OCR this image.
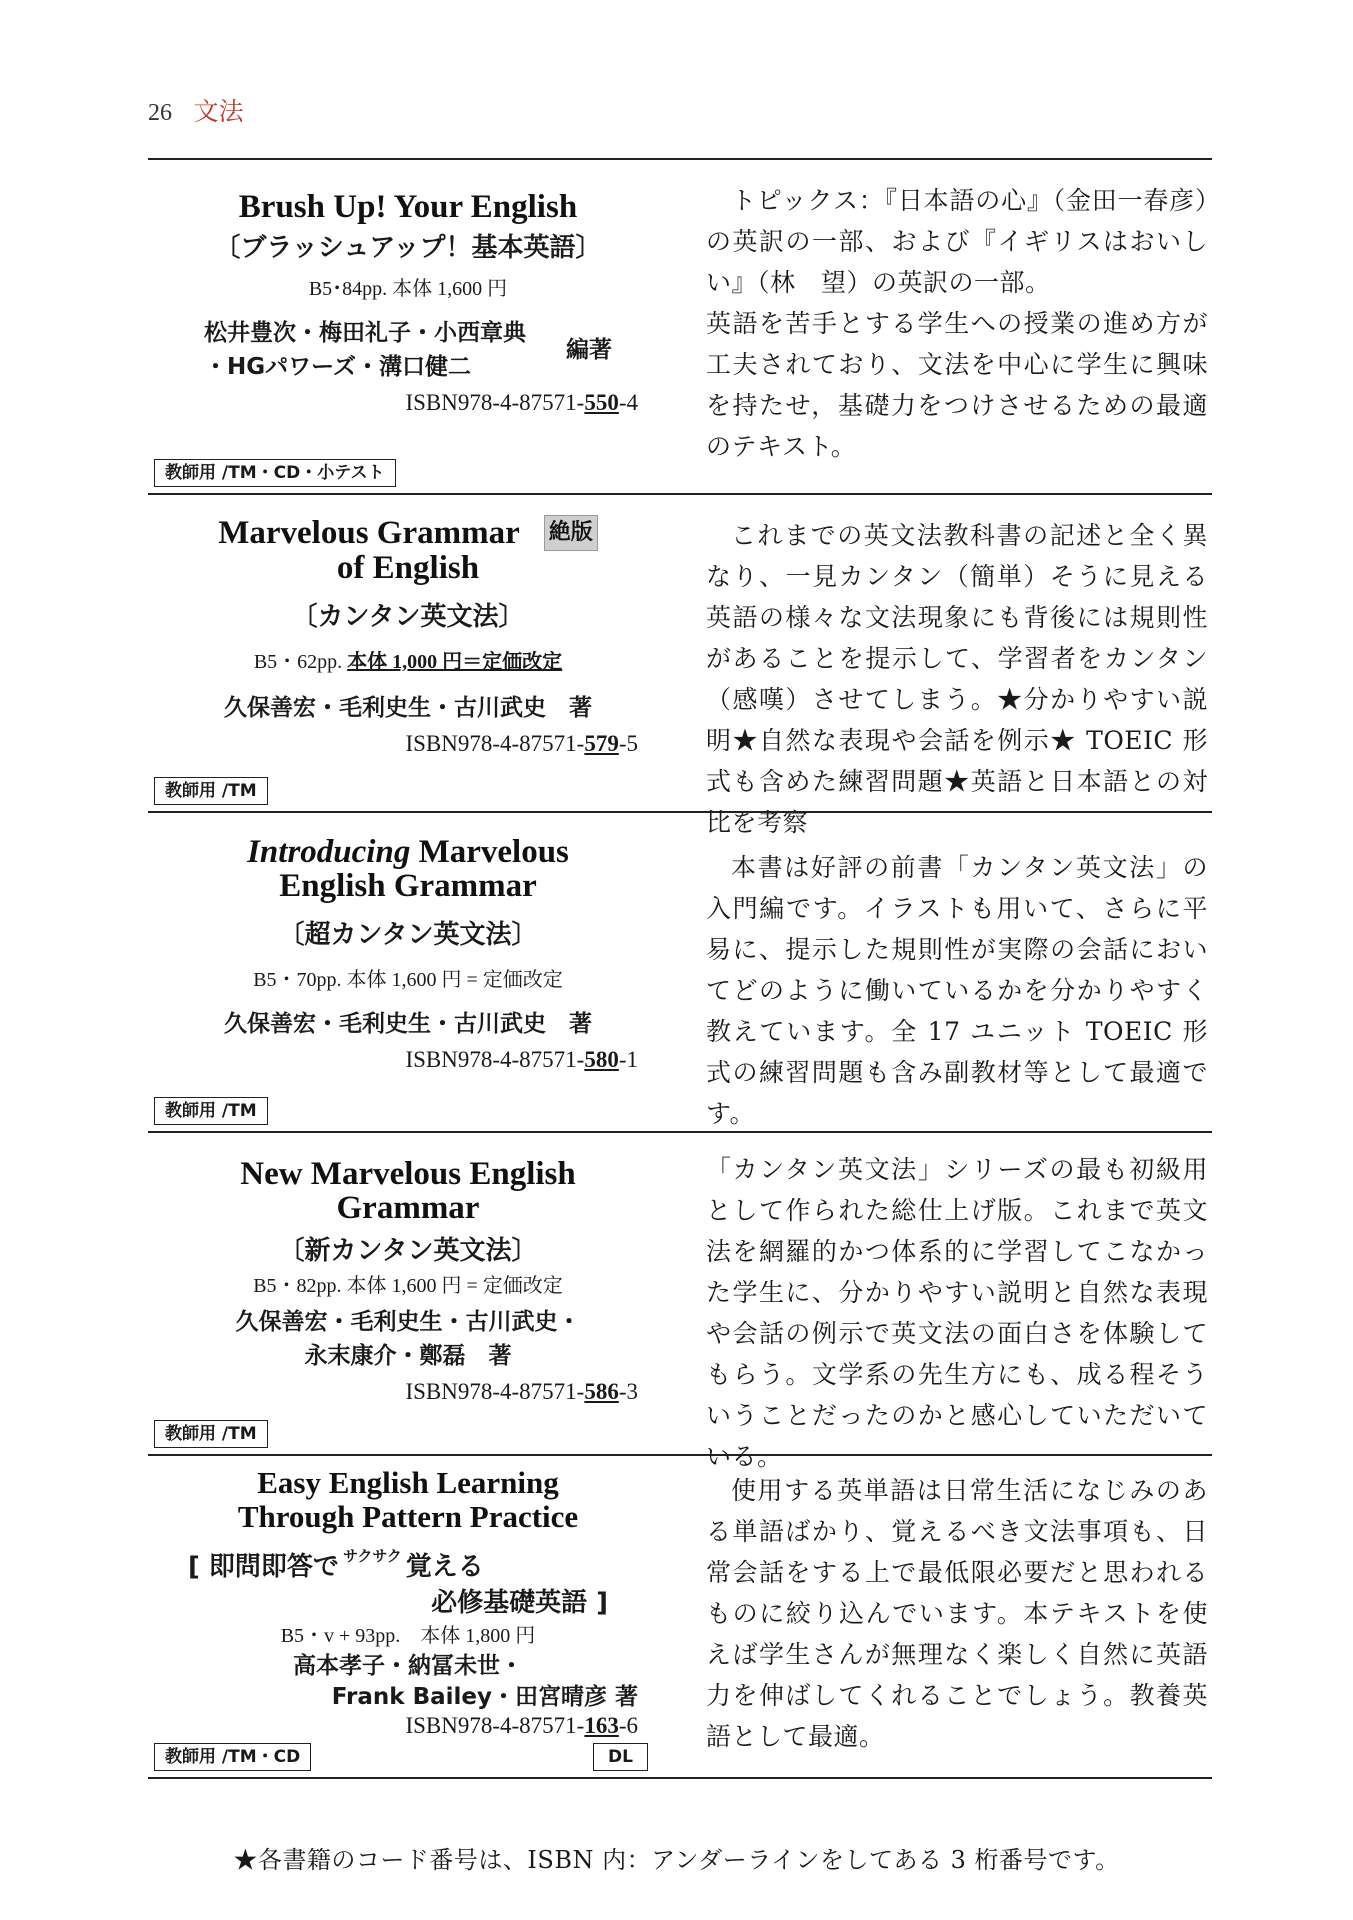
26 文法
Brush Up! Your English
〔ブラッシュアップ！基本英語〕
B5･84pp. 本体 1,600 円
松井豊次・梅田礼子・小西章典
・HGパワーズ・溝口健二
編著
ISBN978-4-87571-550-4
教師用 /TM・CD・小テスト

トピックス：『日本語の心』（金田一春彦）の英訳の一部、および『イギリスはおいしい』（林　望）の英訳の一部。

英語を苦手とする学生への授業の進め方が工夫されており、文法を中心に学生に興味を持たせ，基礎力をつけさせるための最適のテキスト。

Marvelous Grammar 絶版
of English
〔カンタン英文法〕
B5・62pp. 本体 1,000 円＝定価改定
久保善宏・毛利史生・古川武史　著
ISBN978-4-87571-579-5
教師用 /TM

これまでの英文法教科書の記述と全く異なり、一見カンタン（簡単）そうに見える英語の様々な文法現象にも背後には規則性があることを提示して、学習者をカンタン（感嘆）させてしまう。★分かりやすい説明★自然な表現や会話を例示★ TOEIC 形式も含めた練習問題★英語と日本語との対比を考察

Introducing Marvelous
English Grammar
〔超カンタン英文法〕
B5・70pp. 本体 1,600 円 = 定価改定
久保善宏・毛利史生・古川武史　著
ISBN978-4-87571-580-1
教師用 /TM

本書は好評の前書「カンタン英文法」の入門編です。イラストも用いて、さらに平易に、提示した規則性が実際の会話においてどのように働いているかを分かりやすく教えています。全 17 ユニット TOEIC 形式の練習問題も含み副教材等として最適です。

New Marvelous English
Grammar
〔新カンタン英文法〕
B5・82pp. 本体 1,600 円 = 定価改定
久保善宏・毛利史生・古川武史・
永末康介・鄭磊　著
ISBN978-4-87571-586-3
教師用 /TM

「カンタン英文法」シリーズの最も初級用として作られた総仕上げ版。これまで英文法を網羅的かつ体系的に学習してこなかった学生に、分かりやすい説明と自然な表現や会話の例示で英文法の面白さを体験してもらう。文学系の先生方にも、成る程そういうことだったのかと感心していただいている。

Easy English Learning
Through Pattern Practice
[ 即問即答で $^{サクサク}$ 覚える
必修基礎英語 ]
B5・v + 93pp.　本体 1,800 円
高本孝子・納冨未世・
Frank Bailey・田宮晴彦 著
ISBN978-4-87571-163-6
教師用 /TM・CD	DL

使用する英単語は日常生活になじみのある単語ばかり、覚えるべき文法事項も、日常会話をする上で最低限必要だと思われるものに絞り込んでいます。本テキストを使えば学生さんが無理なく楽しく自然に英語力を伸ばしてくれることでしょう。教養英語として最適。

★各書籍のコード番号は、ISBN 内：アンダーラインをしてある 3 桁番号です。
